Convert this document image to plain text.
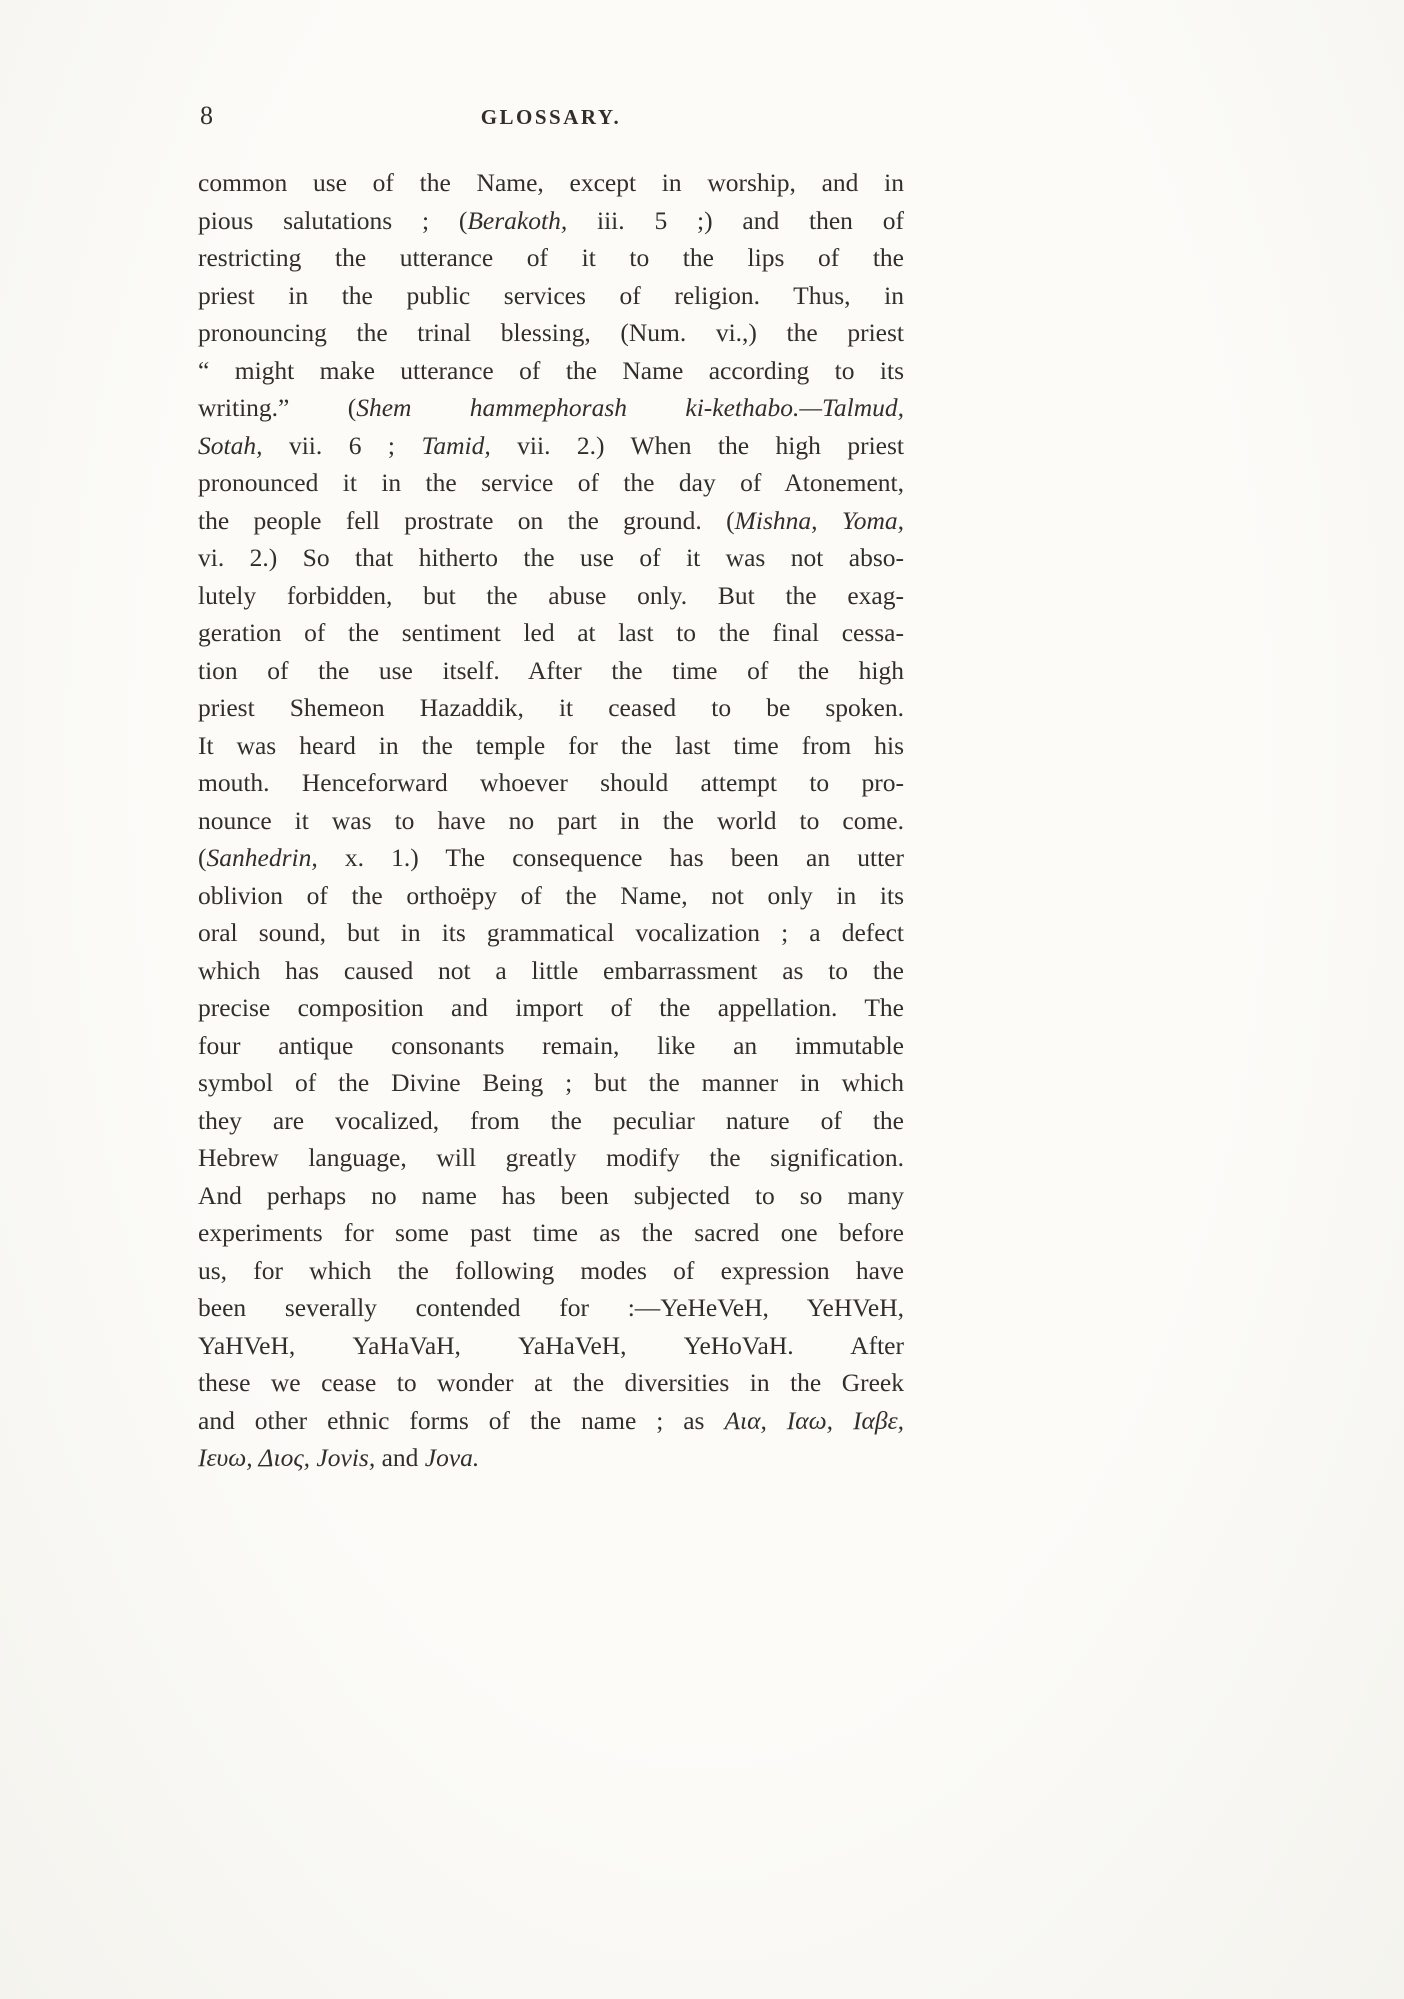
8	GLOSSARY.
common use of the Name, except in worship, and in
pious salutations ; (Berakoth, iii. 5 ;) and then of
restricting the utterance of it to the lips of the
priest in the public services of religion. Thus, in
pronouncing the trinal blessing, (Num. vi.,) the priest
“ might make utterance of the Name according to its
writing.” (Shem hammephorash ki-kethabo.—Talmud,
Sotah, vii. 6 ; Tamid, vii. 2.) When the high priest
pronounced it in the service of the day of Atonement,
the people fell prostrate on the ground. (Mishna, Yoma,
vi. 2.) So that hitherto the use of it was not abso-
lutely forbidden, but the abuse only. But the exag-
geration of the sentiment led at last to the final cessa-
tion of the use itself. After the time of the high
priest Shemeon Hazaddik, it ceased to be spoken.
It was heard in the temple for the last time from his
mouth. Henceforward whoever should attempt to pro-
nounce it was to have no part in the world to come.
(Sanhedrin, x. 1.) The consequence has been an utter
oblivion of the orthoëpy of the Name, not only in its
oral sound, but in its grammatical vocalization ; a defect
which has caused not a little embarrassment as to the
precise composition and import of the appellation. The
four antique consonants remain, like an immutable
symbol of the Divine Being ; but the manner in which
they are vocalized, from the peculiar nature of the
Hebrew language, will greatly modify the signification.
And perhaps no name has been subjected to so many
experiments for some past time as the sacred one before
us, for which the following modes of expression have
been severally contended for :—YeHeVeH, YeHVeH,
YaHVeH, YaHaVaH, YaHaVeH, YeHoVaH. After
these we cease to wonder at the diversities in the Greek
and other ethnic forms of the name ; as Αια, Ιαω, Ιαβε,
Ιευω, Διος, Jovis, and Jova.
